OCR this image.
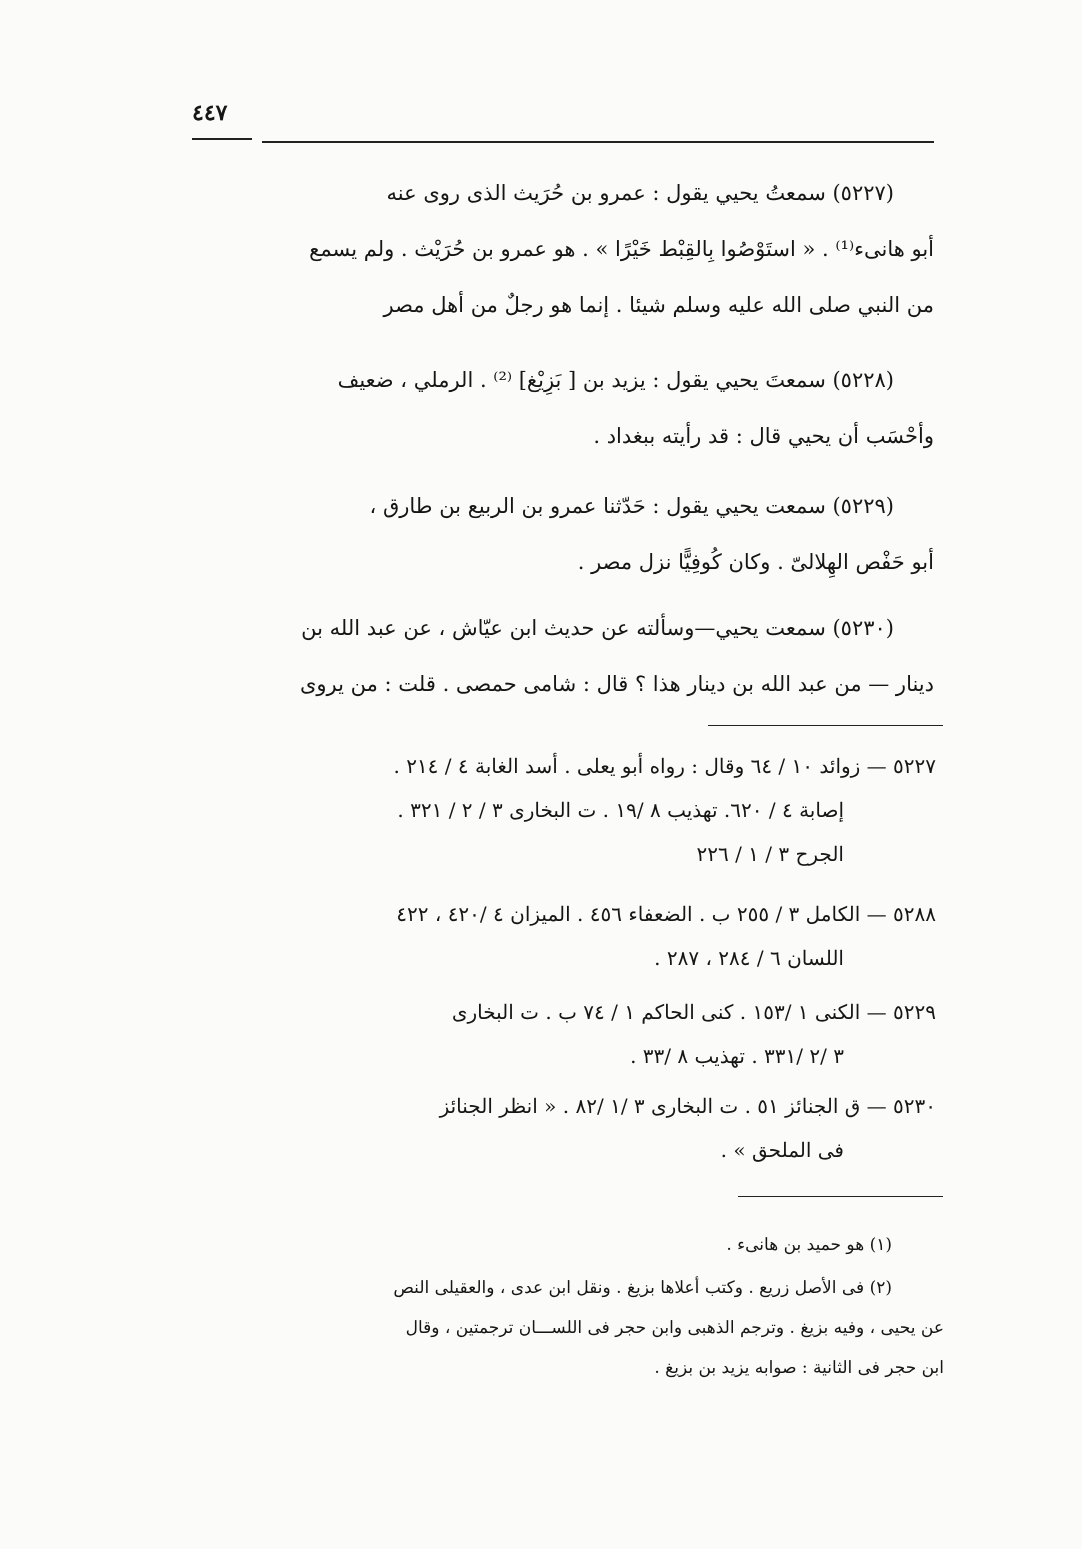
٤٤٧
(٥٢٢٧) سمعتُ يحيي يقول : عمرو بن حُرَيث الذى روى عنه
أبو هانىء⁽¹⁾ . « استَوْصُوا بِالقِبْط خَيْرًا » . هو عمرو بن حُرَيْث . ولم يسمع
من النبي صلى الله عليه وسلم شيئا . إنما هو رجلٌ من أهل مصر
(٥٢٢٨) سمعتَ يحيي يقول : يزيد بن [ بَزِيْغ] ⁽²⁾ . الرملي ، ضعيف
وأحْسَب أن يحيي قال : قد رأيته ببغداد .
(٥٢٢٩) سمعت يحيي يقول : حَدّثنا عمرو بن الربيع بن طارق ،
أبو حَفْص الهِلالىّ . وكان كُوفِيًّا نزل مصر .
(٥٢٣٠) سمعت يحيي—وسألته عن حديث ابن عيّاش ، عن عبد الله بن
دينار — من عبد الله بن دينار هذا ؟ قال : شامى حمصى . قلت : من يروى
٥٢٢٧ — زوائد ١٠ / ٦٤ وقال : رواه أبو يعلى . أسد الغابة ٤ / ٢١٤ .
إصابة ٤ / ٦٢٠. تهذيب ٨ /١٩ . ت البخارى ٣ / ٢ / ٣٢١ .
الجرح ٣ / ١ / ٢٢٦
٥٢٨٨ — الكامل ٣ / ٢٥٥ ب . الضعفاء ٤٥٦ . الميزان ٤ /٤٢٠ ، ٤٢٢
اللسان ٦ / ٢٨٤ ، ٢٨٧ .
٥٢٢٩ — الكنى ١ /١٥٣ . كنى الحاكم ١ / ٧٤ ب . ت البخارى
٣ /٢ /٣٣١ . تهذيب ٨ /٣٣ .
٥٢٣٠ — ق الجنائز ٥١ . ت البخارى ٣ /١ /٨٢ . « انظر الجنائز
فى الملحق » .
(١) هو حميد بن هانىء .
(٢) فى الأصل زريع . وكتب أعلاها بزيغ . ونقل ابن عدى ، والعقيلى النص
عن يحيى ، وفيه بزيغ . وترجم الذهبى وابن حجر فى اللســـان ترجمتين ، وقال
ابن حجر فى الثانية : صوابه يزيد بن بزيغ .
